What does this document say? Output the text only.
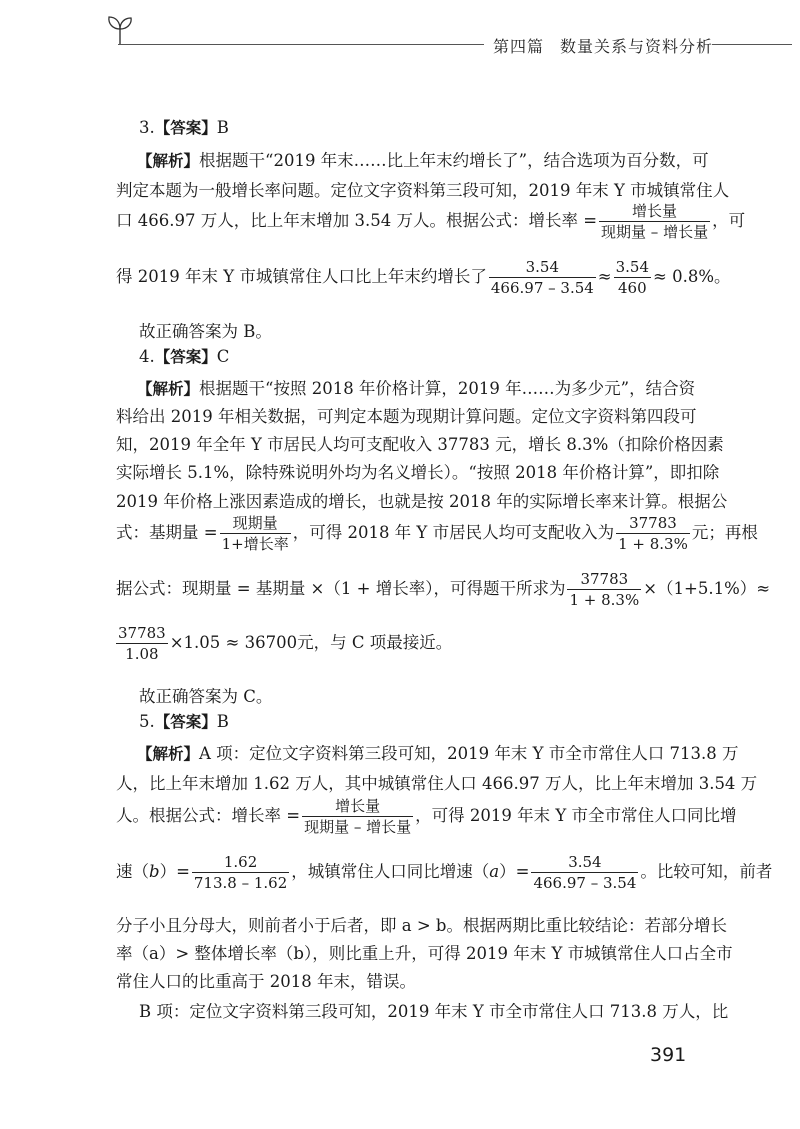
第四篇 数量关系与资料分析
3.【答案】B
【解析】根据题干“2019 年末……比上年末约增长了”，结合选项为百分数，可
判定本题为一般增长率问题。定位文字资料第三段可知，2019 年末 Y 市城镇常住人
口 466.97 万人，比上年末增加 3.54 万人。根据公式：增长率 = $\frac{\text{增长量}}{\text{现期量 – 增长量}}$ ，可
得 2019 年末 Y 市城镇常住人口比上年末约增长了 $\frac{3.54}{466.97 - 3.54} \approx \frac{3.54}{460} \approx 0.8\%$。
故正确答案为 B。
4.【答案】C
【解析】根据题干“按照 2018 年价格计算，2019 年……为多少元”，结合资
料给出 2019 年相关数据，可判定本题为现期计算问题。定位文字资料第四段可
知，2019 年全年 Y 市居民人均可支配收入 37783 元，增长 8.3%（扣除价格因素
实际增长 5.1%，除特殊说明外均为名义增长）。“按照 2018 年价格计算”，即扣除
2019 年价格上涨因素造成的增长，也就是按 2018 年的实际增长率来计算。根据公
式：基期量 = $\frac{\text{现期量}}{\text{1+增长率}}$ ，可得 2018 年 Y 市居民人均可支配收入为 $\frac{37783}{1 + 8.3\%}$ 元；再根
据公式：现期量 = 基期量 ×（1 + 增长率），可得题干所求为 $\frac{37783}{1 + 8.3\%} \times(1+5.1\%)\approx$
$\frac{37783}{1.08} \times 1.05 \approx 36700$元，与 C 项最接近。
故正确答案为 C。
5.【答案】B
【解析】A 项：定位文字资料第三段可知，2019 年末 Y 市全市常住人口 713.8 万
人，比上年末增加 1.62 万人，其中城镇常住人口 466.97 万人，比上年末增加 3.54 万
人。根据公式：增长率 = $\frac{\text{增长量}}{\text{现期量 – 增长量}}$ ，可得 2019 年末 Y 市全市常住人口同比增
速$(b)= \frac{1.62}{713.8 - 1.62}$ ，城镇常住人口同比增速$(a)= \frac{3.54}{466.97 - 3.54}$ 。比较可知，前者
分子小且分母大，则前者小于后者，即 a > b。根据两期比重比较结论：若部分增长
率（a）> 整体增长率（b），则比重上升，可得 2019 年末 Y 市城镇常住人口占全市
常住人口的比重高于 2018 年末，错误。
B 项：定位文字资料第三段可知，2019 年末 Y 市全市常住人口 713.8 万人，比
391
